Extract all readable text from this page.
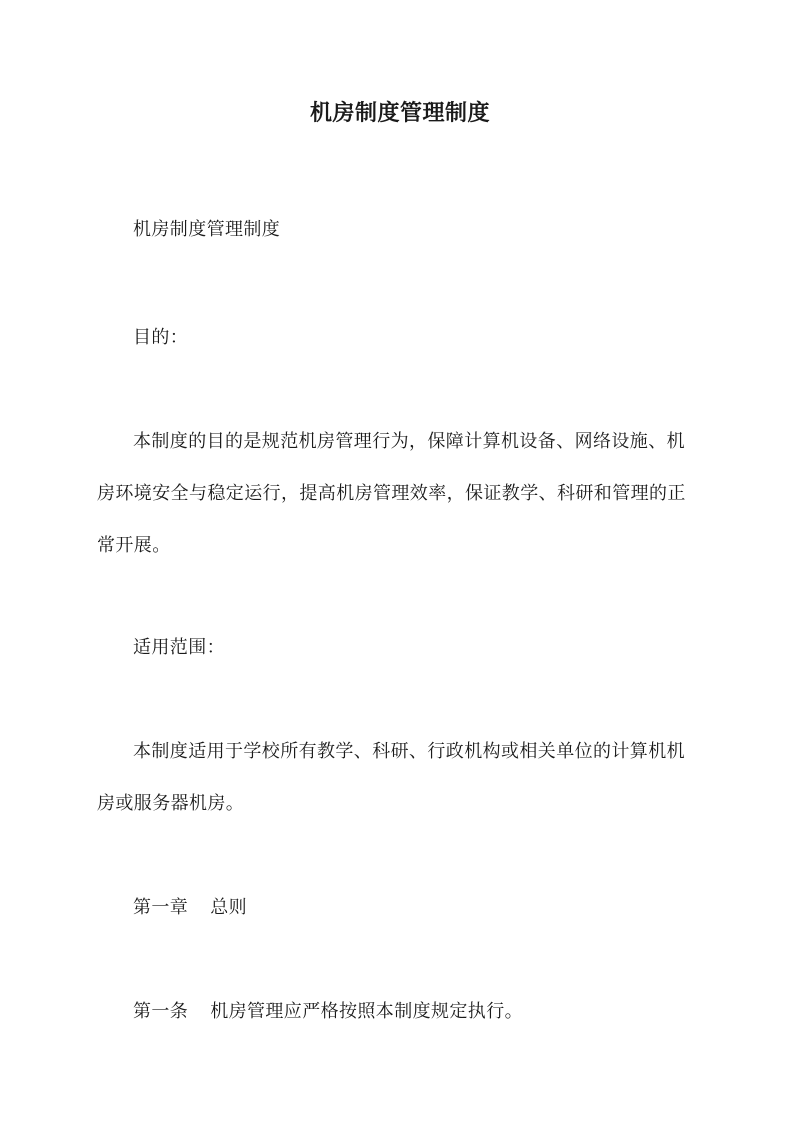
机房制度管理制度

机房制度管理制度

目的：

本制度的目的是规范机房管理行为，保障计算机设备、网络设施、机房环境安全与稳定运行，提高机房管理效率，保证教学、科研和管理的正常开展。

适用范围：

本制度适用于学校所有教学、科研、行政机构或相关单位的计算机机房或服务器机房。

第一章 总则

第一条 机房管理应严格按照本制度规定执行。
